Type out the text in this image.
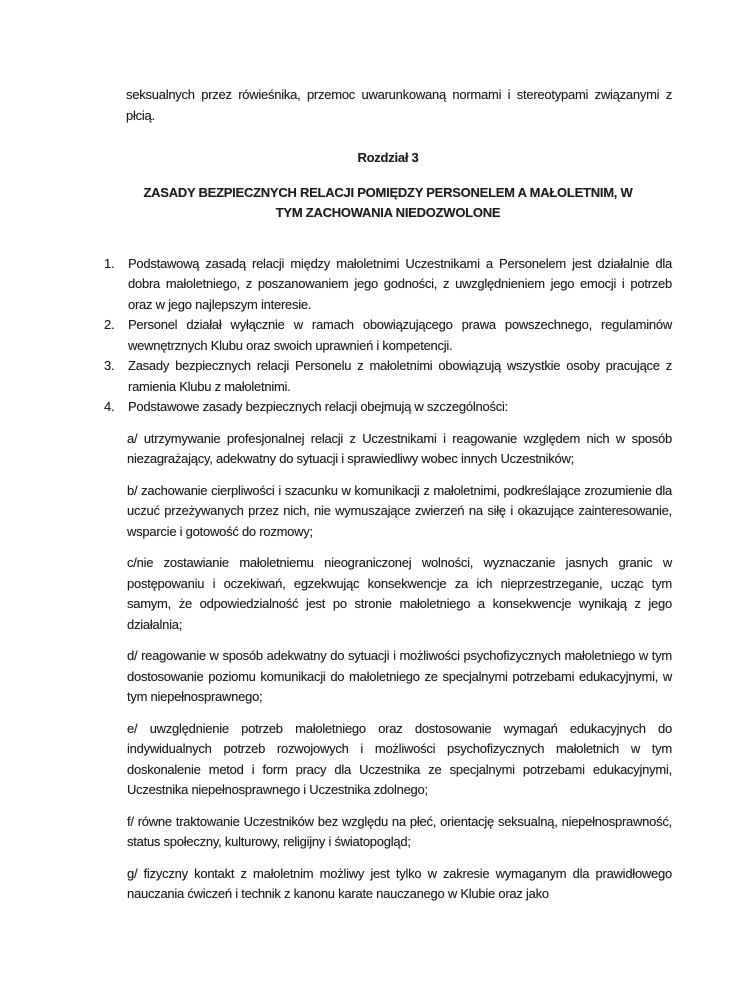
seksualnych przez rówieśnika, przemoc uwarunkowaną normami i stereotypami związanymi z płcią.

Rozdział 3

ZASADY BEZPIECZNYCH RELACJI POMIĘDZY PERSONELEM A MAŁOLETNIM, W TYM ZACHOWANIA NIEDOZWOLONE

1. Podstawową zasadą relacji między małoletnimi Uczestnikami a Personelem jest działalnie dla dobra małoletniego, z poszanowaniem jego godności, z uwzględnieniem jego emocji i potrzeb oraz w jego najlepszym interesie.
2. Personel działał wyłącznie w ramach obowiązującego prawa powszechnego, regulaminów wewnętrznych Klubu oraz swoich uprawnień i kompetencji.
3. Zasady bezpiecznych relacji Personelu z małoletnimi obowiązują wszystkie osoby pracujące z ramienia Klubu z małoletnimi.
4. Podstawowe zasady bezpiecznych relacji obejmują w szczególności:

a/ utrzymywanie profesjonalnej relacji z Uczestnikami i reagowanie względem nich w sposób niezagrażający, adekwatny do sytuacji i sprawiedliwy wobec innych Uczestników;

b/ zachowanie cierpliwości i szacunku w komunikacji z małoletnimi, podkreślające zrozumienie dla uczuć przeżywanych przez nich, nie wymuszające zwierzeń na siłę i okazujące zainteresowanie, wsparcie i gotowość do rozmowy;

c/nie zostawianie małoletniemu nieograniczonej wolności, wyznaczanie jasnych granic w postępowaniu i oczekiwań, egzekwując konsekwencje za ich nieprzestrzeganie, ucząc tym samym, że odpowiedzialność jest po stronie małoletniego a konsekwencje wynikają z jego działalnia;

d/ reagowanie w sposób adekwatny do sytuacji i możliwości psychofizycznych małoletniego w tym dostosowanie poziomu komunikacji do małoletniego ze specjalnymi potrzebami edukacyjnymi, w tym niepełnosprawnego;

e/ uwzględnienie potrzeb małoletniego oraz dostosowanie wymagań edukacyjnych do indywidualnych potrzeb rozwojowych i możliwości psychofizycznych małoletnich w tym doskonalenie metod i form pracy dla Uczestnika ze specjalnymi potrzebami edukacyjnymi, Uczestnika niepełnosprawnego i Uczestnika zdolnego;

f/ równe traktowanie Uczestników bez względu na płeć, orientację seksualną, niepełnosprawność, status społeczny, kulturowy, religijny i światopogląd;

g/ fizyczny kontakt z małoletnim możliwy jest tylko w zakresie wymaganym dla prawidłowego nauczania ćwiczeń i technik z kanonu karate nauczanego w Klubie oraz jako
